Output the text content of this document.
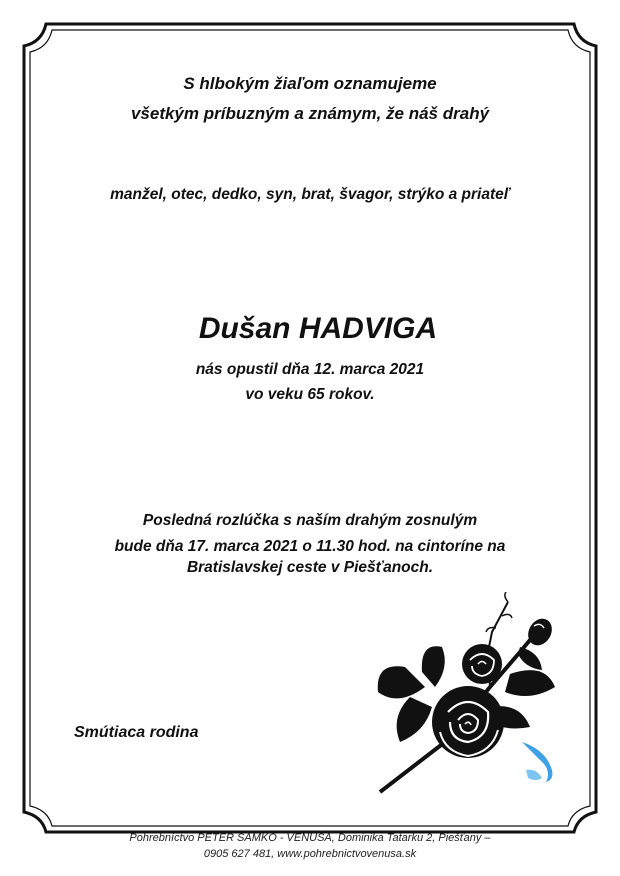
S hlbokým žiaľom oznamujeme
všetkým príbuzným a známym, že náš drahý
manžel, otec, dedko, syn, brat, švagor, strýko a priateľ
Dušan HADVIGA
nás opustil dňa 12. marca 2021
vo veku 65 rokov.
Posledná rozlúčka s naším drahým zosnulým
bude dňa 17. marca 2021 o 11.30 hod. na cintoríne na
Bratislavskej ceste v Piešťanoch.
Smútiaca rodina
Pohrebníctvo PETER SAMKO - VENUŠA, Dominika Tatarku 2, Piešťany –
0905 627 481, www.pohrebnictvovenusa.sk
